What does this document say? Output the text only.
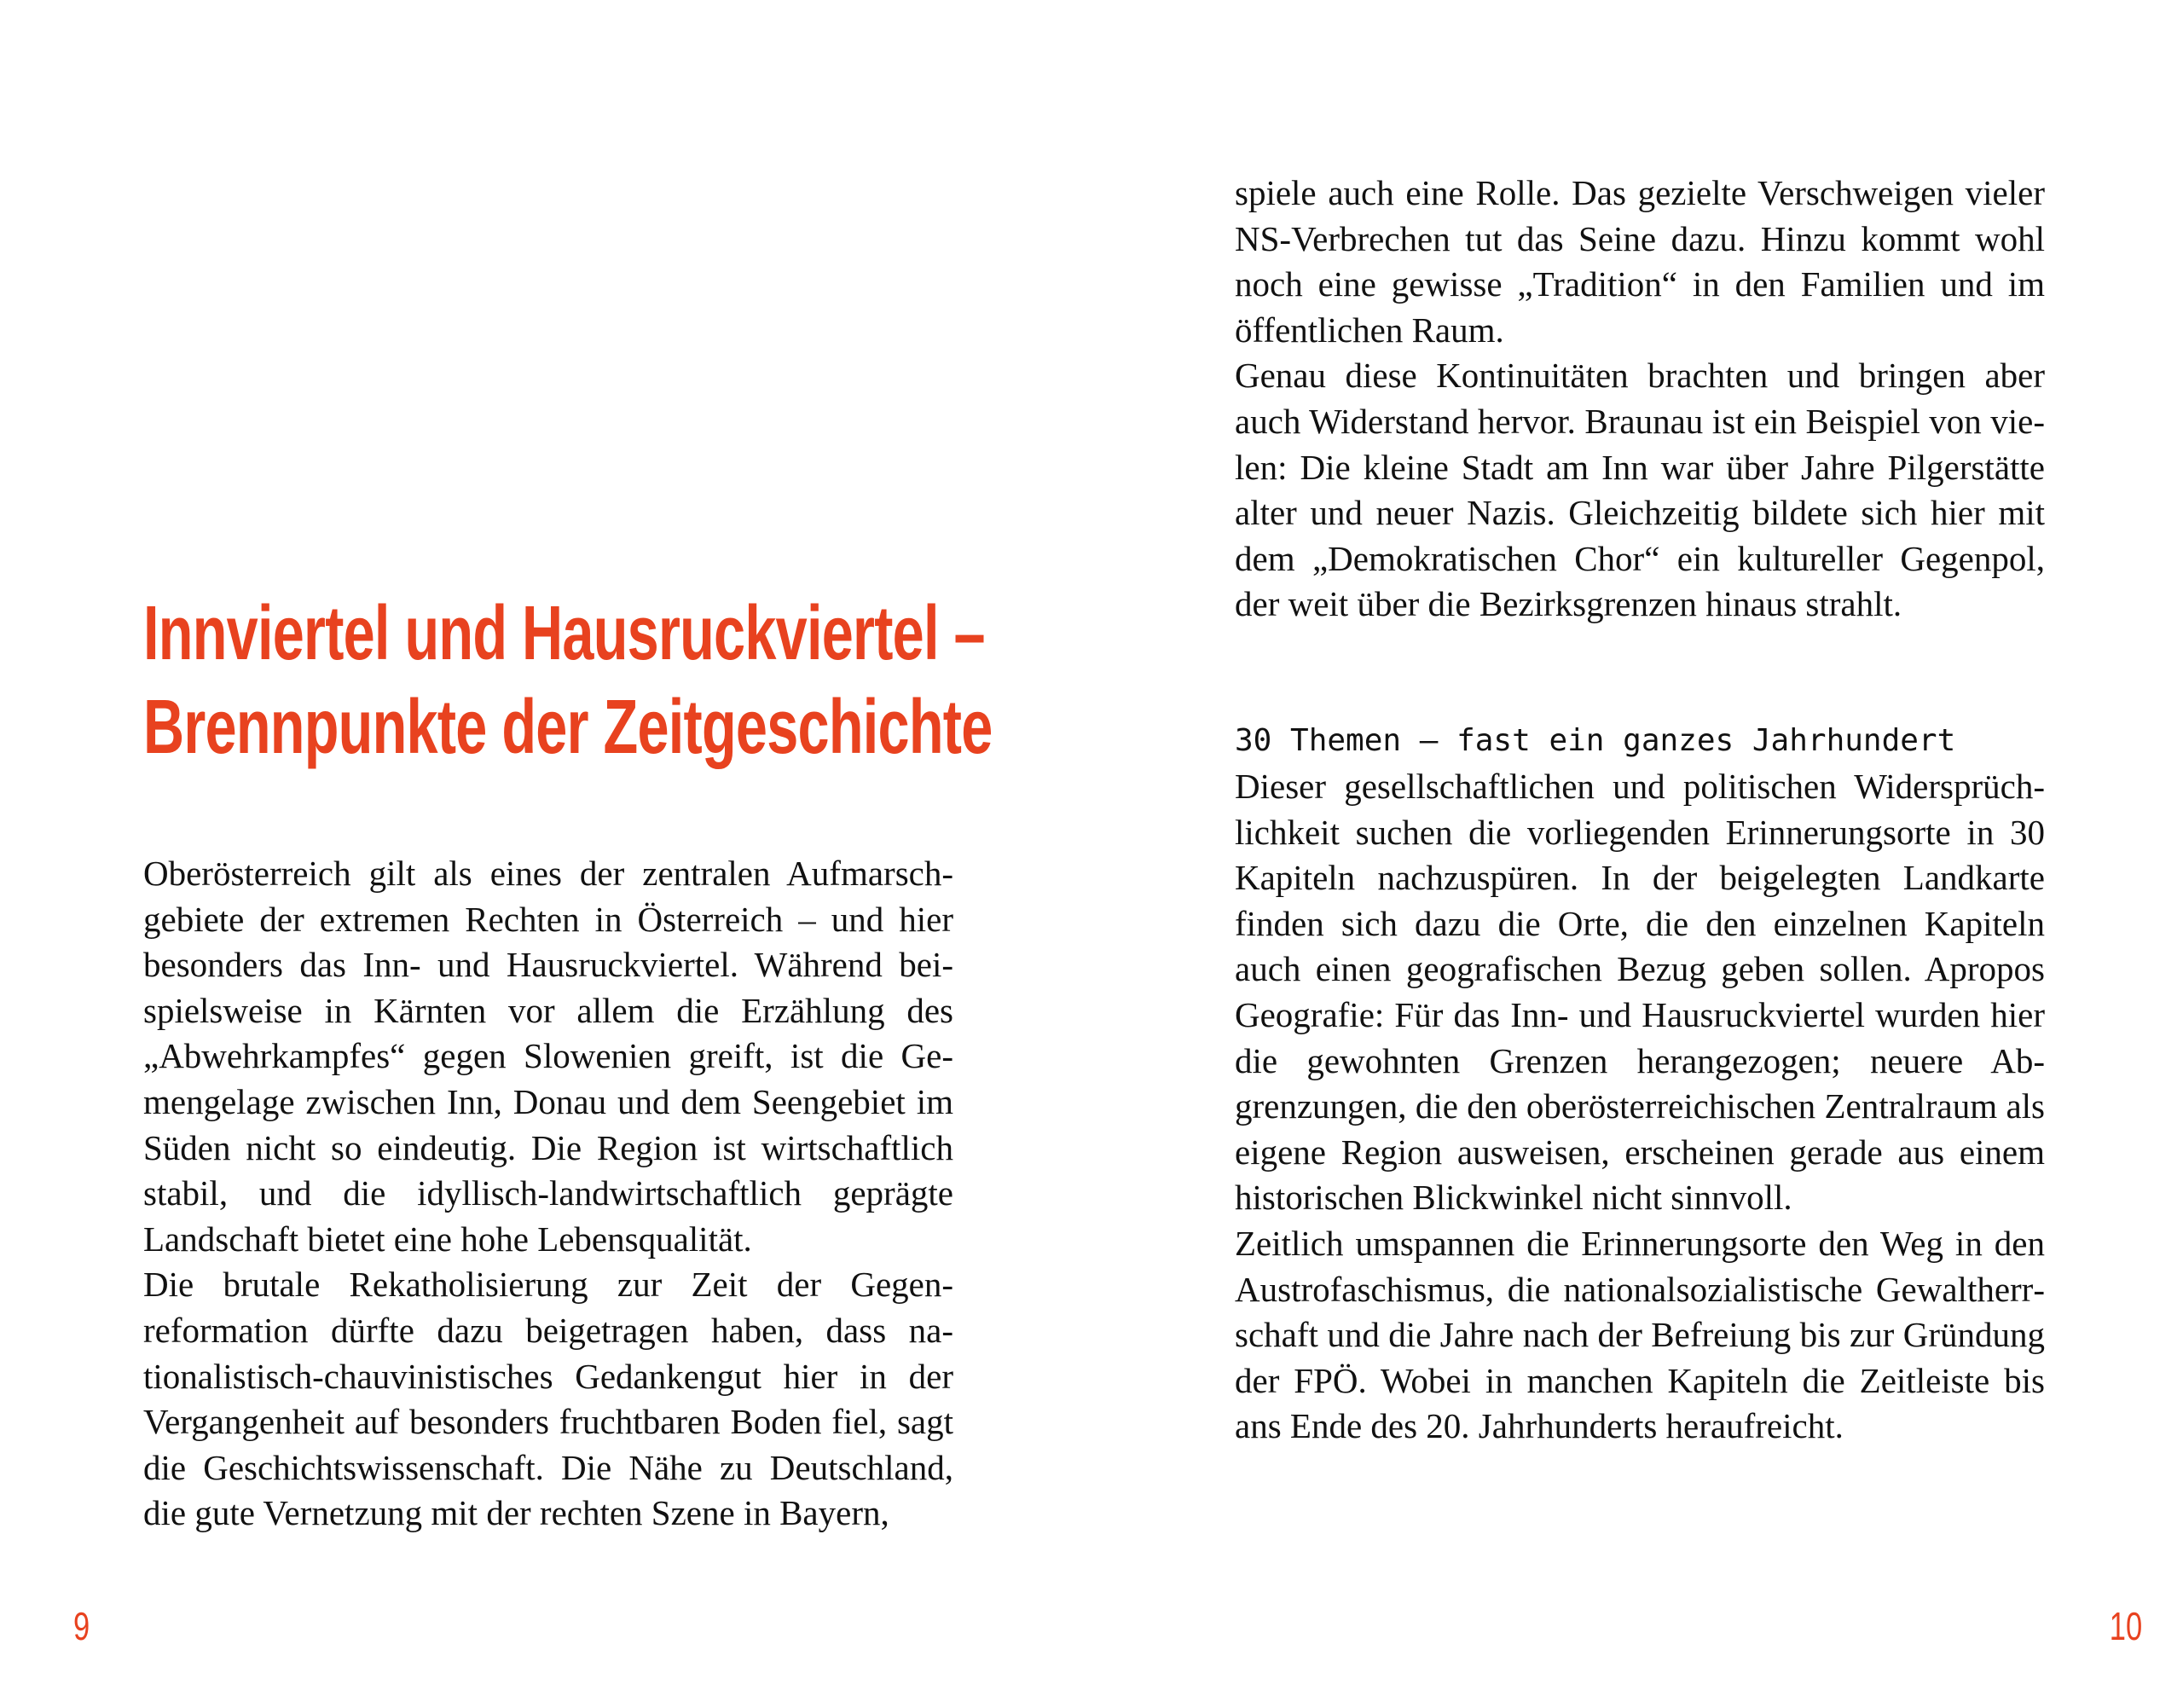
Innviertel und Hausruckviertel –
Brennpunkte der Zeitgeschichte

Oberösterreich gilt als eines der zentralen Aufmarschgebiete der extremen Rechten in Österreich – und hier besonders das Inn- und Hausruckviertel. Während beispielsweise in Kärnten vor allem die Erzählung des „Abwehrkampfes“ gegen Slowenien greift, ist die Gemengelage zwischen Inn, Donau und dem Seengebiet im Süden nicht so eindeutig. Die Region ist wirtschaftlich stabil, und die idyllisch-landwirtschaftlich geprägte Landschaft bietet eine hohe Lebensqualität.

Die brutale Rekatholisierung zur Zeit der Gegenreformation dürfte dazu beigetragen haben, dass nationalistisch-chauvinistisches Gedankengut hier in der Vergangenheit auf besonders fruchtbaren Boden fiel, sagt die Geschichtswissenschaft. Die Nähe zu Deutschland, die gute Vernetzung mit der rechten Szene in Bayern,

9

spiele auch eine Rolle. Das gezielte Verschweigen vieler NS-Verbrechen tut das Seine dazu. Hinzu kommt wohl noch eine gewisse „Tradition“ in den Familien und im öffentlichen Raum.

Genau diese Kontinuitäten brachten und bringen aber auch Widerstand hervor. Braunau ist ein Beispiel von vielen: Die kleine Stadt am Inn war über Jahre Pilgerstätte alter und neuer Nazis. Gleichzeitig bildete sich hier mit dem „Demokratischen Chor“ ein kultureller Gegenpol, der weit über die Bezirksgrenzen hinaus strahlt.

30 Themen – fast ein ganzes Jahrhundert

Dieser gesellschaftlichen und politischen Widersprüchlichkeit suchen die vorliegenden Erinnerungsorte in 30 Kapiteln nachzuspüren. In der beigelegten Landkarte finden sich dazu die Orte, die den einzelnen Kapiteln auch einen geografischen Bezug geben sollen. Apropos Geografie: Für das Inn- und Hausruckviertel wurden hier die gewohnten Grenzen herangezogen; neuere Abgrenzungen, die den oberösterreichischen Zentralraum als eigene Region ausweisen, erscheinen gerade aus einem historischen Blickwinkel nicht sinnvoll.

Zeitlich umspannen die Erinnerungsorte den Weg in den Austrofaschismus, die nationalsozialistische Gewaltherrschaft und die Jahre nach der Befreiung bis zur Gründung der FPÖ. Wobei in manchen Kapiteln die Zeitleiste bis ans Ende des 20. Jahrhunderts heraufreicht.

10
